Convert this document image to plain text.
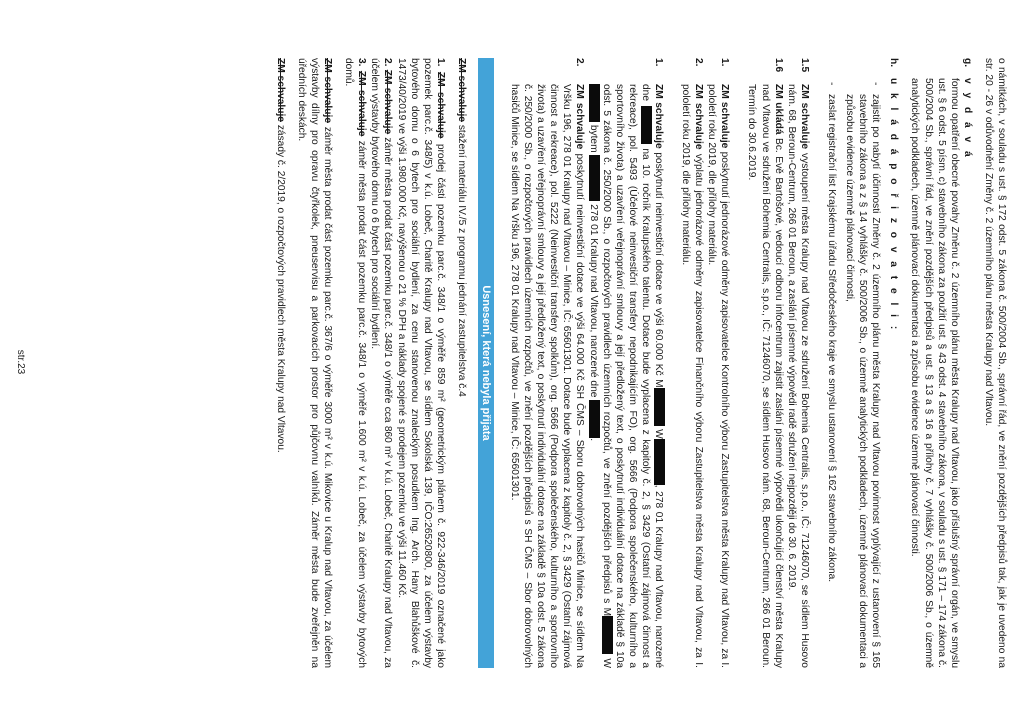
o námitkách, v souladu s ust. § 172 odst. 5 zákona č. 500/2004 Sb., správní řád, ve znění pozdějších předpisů tak, jak je uvedeno na str. 20 - 26 v odůvodnění Změny č. 2 územního plánu města Kralupy nad Vltavou.

g.
v y d á v á

formou opatření obecné povahy Změnu č. 2 územního plánu města Kralupy nad Vltavou, jako příslušný správní orgán, ve smyslu ust. § 6 odst. 5 písm. c) stavebního zákona za použití ust. § 43 odst. 4 stavebního zákona, v souladu s ust. § 171 – 174 zákona č. 500/2004 Sb., správní řád, ve znění pozdějších předpisů a ust. § 13 a § 16 a přílohy č. 7 vyhlášky č. 500/2006 Sb., o územně analytických podkladech, územně plánovací dokumentaci a způsobu evidence územně plánovací činnosti.

h.
u k l á d á p o ř i z o v a t e l i :
-
zajistit po nabytí účinnosti Změny č. 2 územního plánu města Kralupy nad Vltavou povinnost vyplývající z ustanovení § 165 stavebního zákona a z § 14 vyhlášky č. 500/2006 Sb., o územně analytických podkladech, územně plánovací dokumentaci a způsobu evidence územně plánovací činnosti,
-
zaslat registrační list Krajskému úřadu Středočeského kraje ve smyslu ustanovení § 162 stavebního zákona.
1.5
ZM schvaluje vystoupení města Kralupy nad Vltavou ze sdružení Bohemia Centralis, s.p.o., IČ: 71246070, se sídlem Husovo nám. 68, Beroun-Centrum, 266 01 Beroun, a zaslání písemné výpovědi radě sdružení nejpozději do 30. 6. 2019.
1.6
ZM ukládá Bc. Evě Bartošové, vedoucí odboru infocentrum zajistit zaslání písemné výpovědi ukončující členství města Kralupy nad Vltavou ve sdružení Bohemia Centralis, s.p.o., IČ: 71246070, se sídlem Husovo nám. 68, Beroun-Centrum, 266 01 Beroun. Termín do 30.6.2019.
1.
ZM schvaluje poskytnutí jednorázové odměny zapisovatelce Kontrolního výboru Zastupitelstva města Kralupy nad Vltavou, za I. pololetí roku 2019, dle přílohy materiálu.
2.
ZM schvaluje výplatu jednorázové odměny zapisovatelce Finančního výboru Zastupitelstva města Kralupy nad Vltavou, za I. pololetí roku 2019, dle přílohy materiálu.
1.
ZM schvaluje poskytnutí neinvestiční dotace ve výši 60.000 Kč M W, 278 01 Kralupy nad Vltavou, narozené dne  na 10. ročník Kralupského talentu. Dotace bude vyplacena z kapitoly č. 2, § 3429 (Ostatní zájmová činnost a rekreace), pol. 5493 (Účelové neinvestiční transfery nepodnikajícím FO), org. 5666 (Podpora společenského, kulturního a sportovního života) a uzavření veřejnoprávní smlouvy a její předložený text, o poskytnutí individuální dotace na základě § 10a odst. 5 zákona č. 250/2000 Sb., o rozpočtových pravidlech územních rozpočtů, ve znění pozdějších předpisů s M W bytem  278 01 Kralupy nad Vltavou, narozené dne .
2.
ZM schvaluje poskytnutí neinvestiční dotace ve výši 64.000 Kč SH ČMS – Sboru dobrovolných hasičů Minice, se sídlem Na Vršku 196, 278 01 Kralupy nad Vltavou – Minice, IČ: 65601301. Dotace bude vyplacena z kapitoly č. 2, § 3429 (Ostatní zájmová činnost a rekreace), pol. 5222 (Neinvestiční transfery spolkům), org. 5666 (Podpora společenského, kulturního a sportovního života) a uzavření veřejnoprávní smlouvy a její předložený text, o poskytnutí individuální dotace na základě § 10a odst. 5 zákona č. 250/2000 Sb., o rozpočtových pravidlech územních rozpočtů, ve znění pozdějších předpisů s SH ČMS – Sbor dobrovolných hasičů Minice, se sídlem Na Vršku 196, 278 01 Kralupy nad Vltavou – Minice, IČ: 65601301.
Usnesení, která nebyla přijata

ZM schvaluje stažení materiálu IV./5 z programu jednání zastupitelstva č.4

1. ZM schvaluje prodej části pozemku parc.č. 348/1 o výměře 859 m² (geometrickým plánem č. 922-346/2019 označené jako pozemek parc.č. 348/5) v k.ú. Lobeč, Charitě Kralupy nad Vltavou, se sídlem Sokolská 139, IČO:26520800, za účelem výstavby bytového domu o 6 bytech pro sociální bydlení, za cenu stanovenou znaleckým posudkem Ing. Arch. Hany Blahůškové č. 1473/40/2019 ve výši 1.980.000 Kč, navýšenou o 21 % DPH a náklady spojené s prodejem pozemku ve výši 11.460 Kč.

2. ZM schvaluje záměr města prodat část pozemku parc.č. 348/1 o výměře cca 860 m² v k.ú. Lobeč, Charitě Kralupy nad Vltavou, za účelem výstavby bytového domu o 6 bytech pro sociální bydlení.

3. ZM schvaluje záměr města prodat část pozemku parc.č. 348/1 o výměře 1.600 m² v k.ú. Lobeč, za účelem výstavby bytových domů.

ZM schvaluje záměr města prodat část pozemku parc.č. 367/6 o výměře 3000 m² v k.ú. Mikovice u Kralup nad Vltavou, za účelem výstavby dílny pro opravu čtyřkolek, pneuservisu a parkovacích prostor pro půjčovnu valníků. Záměr města bude zveřejněn na úředních deskách.

ZM schvaluje zásady č. 2/2019, o rozpočtových pravidlech města Kralupy nad Vltavou.

str.23
